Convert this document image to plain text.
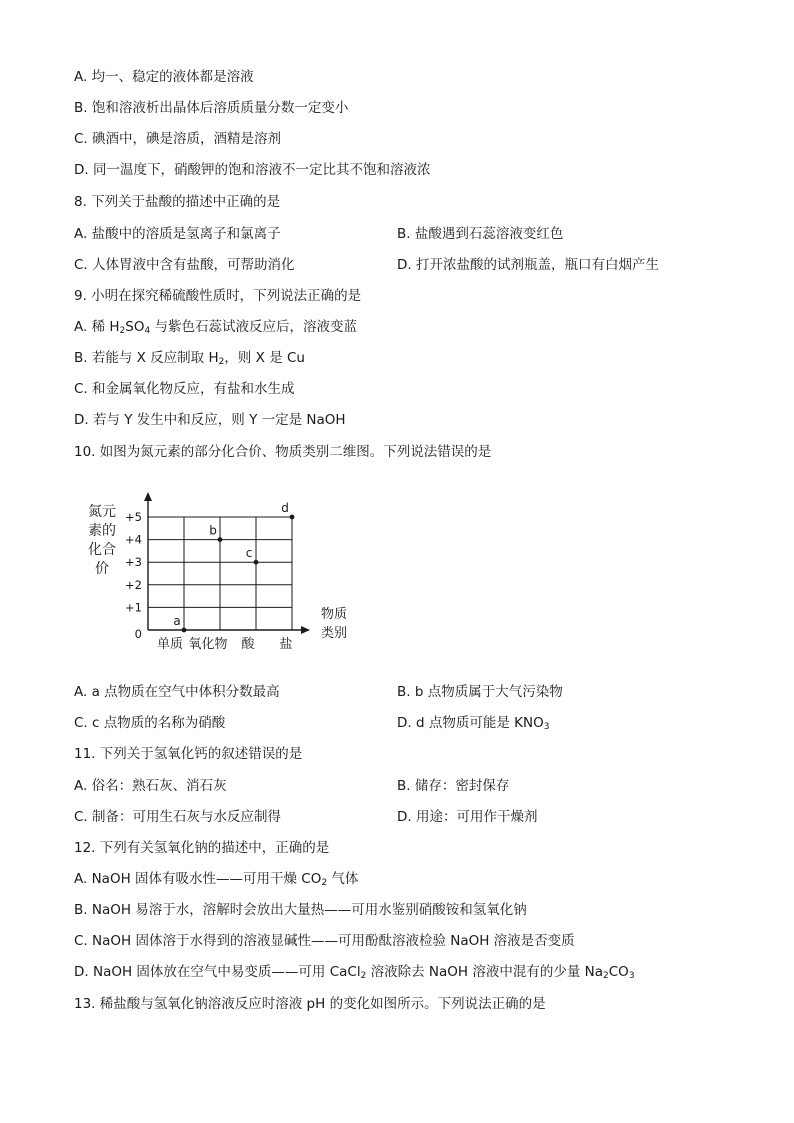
A. 均一、稳定的液体都是溶液
B. 饱和溶液析出晶体后溶质质量分数一定变小
C. 碘酒中，碘是溶质，酒精是溶剂
D. 同一温度下，硝酸钾的饱和溶液不一定比其不饱和溶液浓
8. 下列关于盐酸的描述中正确的是
A. 盐酸中的溶质是氢离子和氯离子	B. 盐酸遇到石蕊溶液变红色
C. 人体胃液中含有盐酸，可帮助消化	D. 打开浓盐酸的试剂瓶盖，瓶口有白烟产生
9. 小明在探究稀硫酸性质时，下列说法正确的是
A. 稀 H2SO4 与紫色石蕊试液反应后，溶液变蓝
B. 若能与 X 反应制取 H2，则 X 是 Cu
C. 和金属氧化物反应，有盐和水生成
D. 若与 Y 发生中和反应，则 Y 一定是 NaOH
10. 如图为氮元素的部分化合价、物质类别二维图。下列说法错误的是
氮元
素的
化合
价
0
+1
+2
+3
+4
+5
单质 氧化物 酸 盐
物质
类别
a
b
c
d
A. a 点物质在空气中体积分数最高	B. b 点物质属于大气污染物
C. c 点物质的名称为硝酸	D. d 点物质可能是 KNO3
11. 下列关于氢氧化钙的叙述错误的是
A. 俗名：熟石灰、消石灰	B. 储存：密封保存
C. 制备：可用生石灰与水反应制得	D. 用途：可用作干燥剂
12. 下列有关氢氧化钠的描述中，正确的是
A. NaOH 固体有吸水性——可用干燥 CO2 气体
B. NaOH 易溶于水，溶解时会放出大量热——可用水鉴别硝酸铵和氢氧化钠
C. NaOH 固体溶于水得到的溶液显碱性——可用酚酞溶液检验 NaOH 溶液是否变质
D. NaOH 固体放在空气中易变质——可用 CaCl2 溶液除去 NaOH 溶液中混有的少量 Na2CO3
13. 稀盐酸与氢氧化钠溶液反应时溶液 pH 的变化如图所示。下列说法正确的是
